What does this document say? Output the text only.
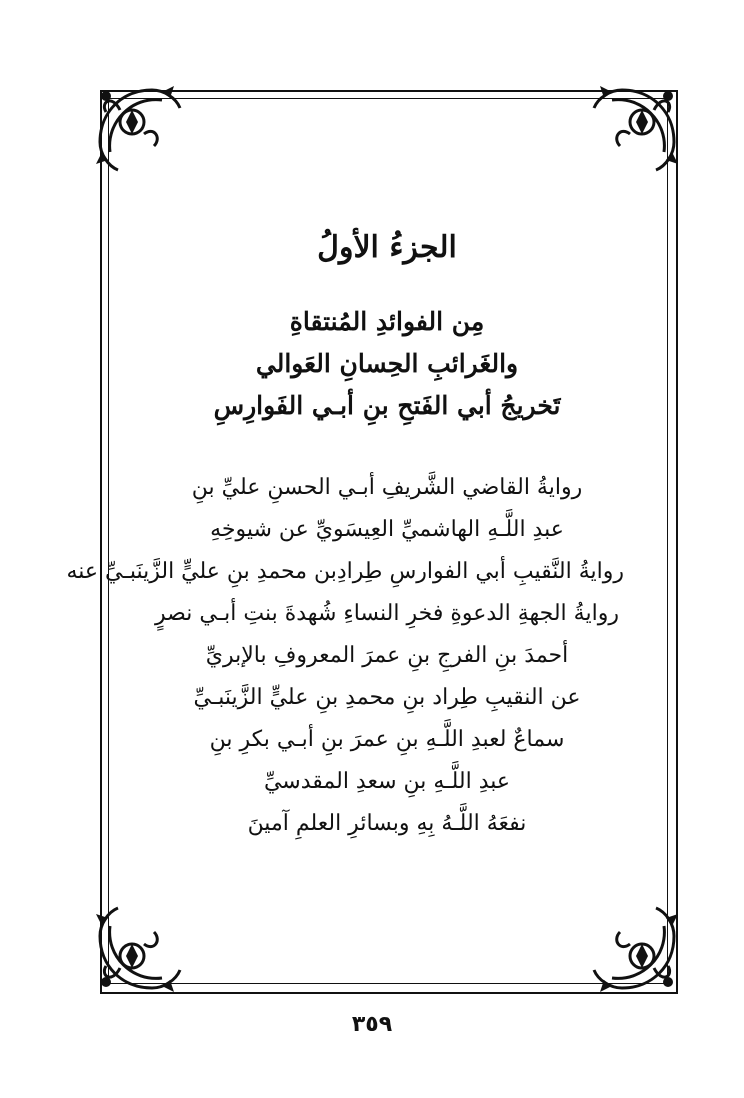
الجزءُ الأولُ

مِن الفوائدِ المُنتقاةِ

والغَرائبِ الحِسانِ العَوالي

تَخريجُ أبي الفَتحِ بنِ أبـي الفَوارِسِ

روايةُ القاضي الشَّريفِ أبـي الحسنِ عليِّ بنِ

عبدِ اللَّـهِ الهاشميِّ العِيسَويِّ عن شيوخِهِ

روايةُ النَّقيبِ أبي الفوارسِ طِرادِبن محمدِ بنِ عليٍّ الزَّينَبـيِّ عنه

روايةُ الجهةِ الدعوةِ فخرِ النساءِ شُهدةَ بنتِ أبـي نصرٍ

أحمدَ بنِ الفرجِ بنِ عمرَ المعروفِ بالإبريِّ

عن النقيبِ طِراد بنِ محمدِ بنِ عليٍّ الزَّينَبـيِّ

سماعٌ لعبدِ اللَّـهِ بنِ عمرَ بنِ أبـي بكرِ بنِ

عبدِ اللَّـهِ بنِ سعدِ المقدسيِّ

نفعَهُ اللَّـهُ بِهِ وبسائرِ العلمِ آمينَ

٣٥٩
